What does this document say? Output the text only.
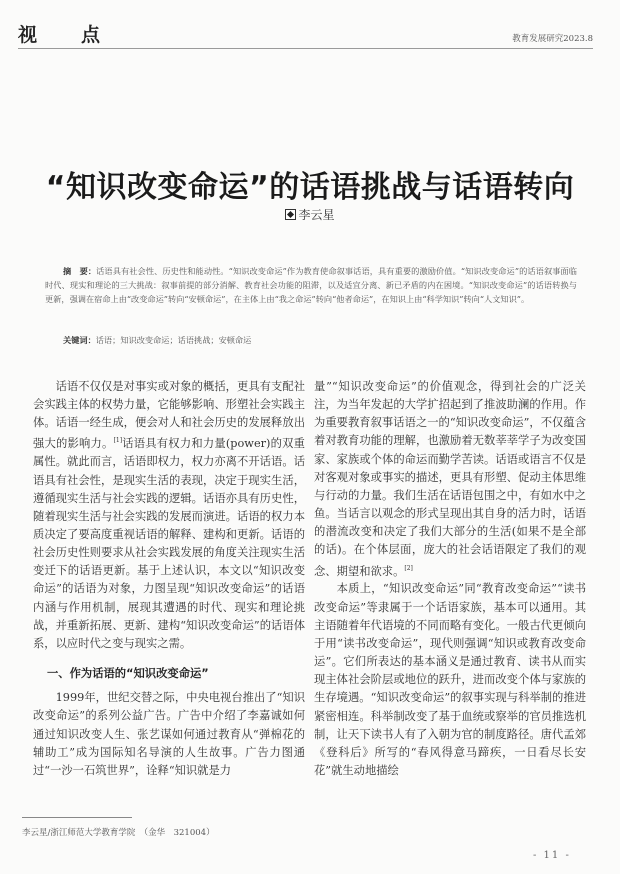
视点	教育发展研究2023.8
“知识改变命运”的话语挑战与话语转向
李云星
摘　要：话语具有社会性、历史性和能动性。“知识改变命运”作为教育使命叙事话语，具有重要的激励价值。“知识改变命运”的话语叙事面临时代、现实和理论的三大挑战：叙事前提的部分消解、教育社会功能的阻滞，以及适宜分离、新已矛盾的内在困境。“知识改变命运”的话语转换与更新，强调在宿命上由“改变命运”转向“安顿命运”，在主体上由“我之命运”转向“他者命运”，在知识上由“科学知识”转向“人文知识”。
关键词：话语；知识改变命运；话语挑战；安顿命运

话语不仅仅是对事实或对象的概括，更具有支配社会实践主体的权势力量，它能够影响、形塑社会实践主体。话语一经生成，便会对人和社会历史的发展释放出强大的影响力。[1]话语具有权力和力量(power)的双重属性。就此而言，话语即权力，权力亦离不开话语。话语具有社会性，是现实生活的表现，决定于现实生活，遵循现实生活与社会实践的逻辑。话语亦具有历史性，随着现实生活与社会实践的发展而演进。话语的权力本质决定了要高度重视话语的解释、建构和更新。话语的社会历史性则要求从社会实践发展的角度关注现实生活变迁下的话语更新。基于上述认识，本文以“知识改变命运”的话语为对象，力图呈现“知识改变命运”的话语内涵与作用机制，展现其遭遇的时代、现实和理论挑战，并重新拓展、更新、建构“知识改变命运”的话语体系，以应时代之变与现实之需。

一、作为话语的“知识改变命运”

1999年，世纪交替之际，中央电视台推出了“知识改变命运”的系列公益广告。广告中介绍了李嘉诚如何通过知识改变人生、张艺谋如何通过教育从“弹棉花的辅助工”成为国际知名导演的人生故事。广告力图通过“一沙一石筑世界”，诠释“知识就是力

量”“知识改变命运”的价值观念，得到社会的广泛关注，为当年发起的大学扩招起到了推波助澜的作用。作为重要教育叙事话语之一的“知识改变命运”，不仅蕴含着对教育功能的理解，也激励着无数莘莘学子为改变国家、家族或个体的命运而勤学苦读。话语或语言不仅是对客观对象或事实的描述，更具有形塑、促动主体思维与行动的力量。我们生活在话语包围之中，有如水中之鱼。当话言以观念的形式呈现出其自身的活力时，话语的潜流改变和决定了我们大部分的生活(如果不是全部的话)。在个体层面，庞大的社会话语限定了我们的观念、期望和欲求。[2]

本质上，“知识改变命运”同“教育改变命运”“读书改变命运”等隶属于一个话语家族，基本可以通用。其主语随着年代语境的不同而略有变化。一般古代更倾向于用“读书改变命运”，现代则强调“知识或教育改变命运”。它们所表达的基本涵义是通过教育、读书从而实现主体社会阶层或地位的跃升，进而改变个体与家族的生存境遇。“知识改变命运”的叙事实现与科举制的推进紧密相连。科举制改变了基于血统或察举的官员推选机制，让天下读书人有了入朝为官的制度路径。唐代孟郊《登科后》所写的“春风得意马蹄疾，一日看尽长安花”就生动地描绘

李云星/浙江师范大学教育学院　（金华　321004）
- 11 -
